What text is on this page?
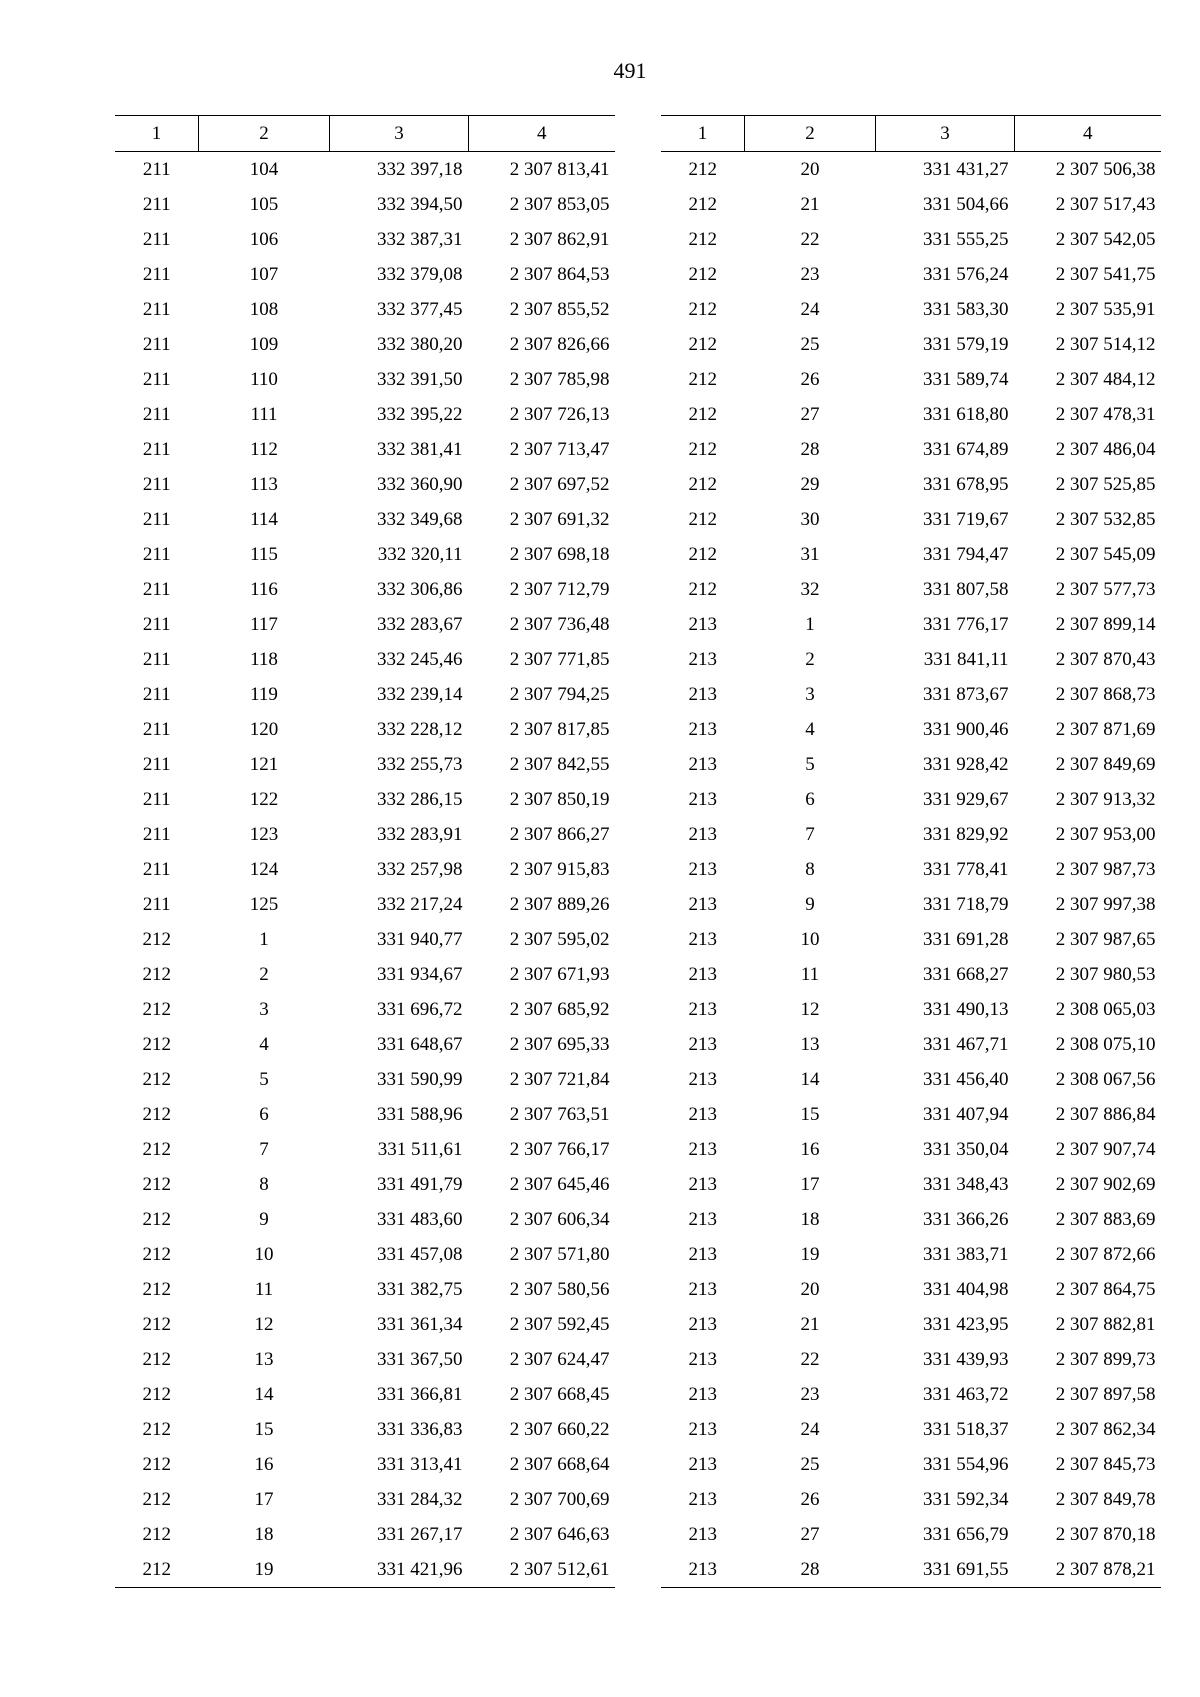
491
1	2	3	4
211	104	332 397,18	2 307 813,41
211	105	332 394,50	2 307 853,05
211	106	332 387,31	2 307 862,91
211	107	332 379,08	2 307 864,53
211	108	332 377,45	2 307 855,52
211	109	332 380,20	2 307 826,66
211	110	332 391,50	2 307 785,98
211	111	332 395,22	2 307 726,13
211	112	332 381,41	2 307 713,47
211	113	332 360,90	2 307 697,52
211	114	332 349,68	2 307 691,32
211	115	332 320,11	2 307 698,18
211	116	332 306,86	2 307 712,79
211	117	332 283,67	2 307 736,48
211	118	332 245,46	2 307 771,85
211	119	332 239,14	2 307 794,25
211	120	332 228,12	2 307 817,85
211	121	332 255,73	2 307 842,55
211	122	332 286,15	2 307 850,19
211	123	332 283,91	2 307 866,27
211	124	332 257,98	2 307 915,83
211	125	332 217,24	2 307 889,26
212	1	331 940,77	2 307 595,02
212	2	331 934,67	2 307 671,93
212	3	331 696,72	2 307 685,92
212	4	331 648,67	2 307 695,33
212	5	331 590,99	2 307 721,84
212	6	331 588,96	2 307 763,51
212	7	331 511,61	2 307 766,17
212	8	331 491,79	2 307 645,46
212	9	331 483,60	2 307 606,34
212	10	331 457,08	2 307 571,80
212	11	331 382,75	2 307 580,56
212	12	331 361,34	2 307 592,45
212	13	331 367,50	2 307 624,47
212	14	331 366,81	2 307 668,45
212	15	331 336,83	2 307 660,22
212	16	331 313,41	2 307 668,64
212	17	331 284,32	2 307 700,69
212	18	331 267,17	2 307 646,63
212	19	331 421,96	2 307 512,61
1	2	3	4
212	20	331 431,27	2 307 506,38
212	21	331 504,66	2 307 517,43
212	22	331 555,25	2 307 542,05
212	23	331 576,24	2 307 541,75
212	24	331 583,30	2 307 535,91
212	25	331 579,19	2 307 514,12
212	26	331 589,74	2 307 484,12
212	27	331 618,80	2 307 478,31
212	28	331 674,89	2 307 486,04
212	29	331 678,95	2 307 525,85
212	30	331 719,67	2 307 532,85
212	31	331 794,47	2 307 545,09
212	32	331 807,58	2 307 577,73
213	1	331 776,17	2 307 899,14
213	2	331 841,11	2 307 870,43
213	3	331 873,67	2 307 868,73
213	4	331 900,46	2 307 871,69
213	5	331 928,42	2 307 849,69
213	6	331 929,67	2 307 913,32
213	7	331 829,92	2 307 953,00
213	8	331 778,41	2 307 987,73
213	9	331 718,79	2 307 997,38
213	10	331 691,28	2 307 987,65
213	11	331 668,27	2 307 980,53
213	12	331 490,13	2 308 065,03
213	13	331 467,71	2 308 075,10
213	14	331 456,40	2 308 067,56
213	15	331 407,94	2 307 886,84
213	16	331 350,04	2 307 907,74
213	17	331 348,43	2 307 902,69
213	18	331 366,26	2 307 883,69
213	19	331 383,71	2 307 872,66
213	20	331 404,98	2 307 864,75
213	21	331 423,95	2 307 882,81
213	22	331 439,93	2 307 899,73
213	23	331 463,72	2 307 897,58
213	24	331 518,37	2 307 862,34
213	25	331 554,96	2 307 845,73
213	26	331 592,34	2 307 849,78
213	27	331 656,79	2 307 870,18
213	28	331 691,55	2 307 878,21
